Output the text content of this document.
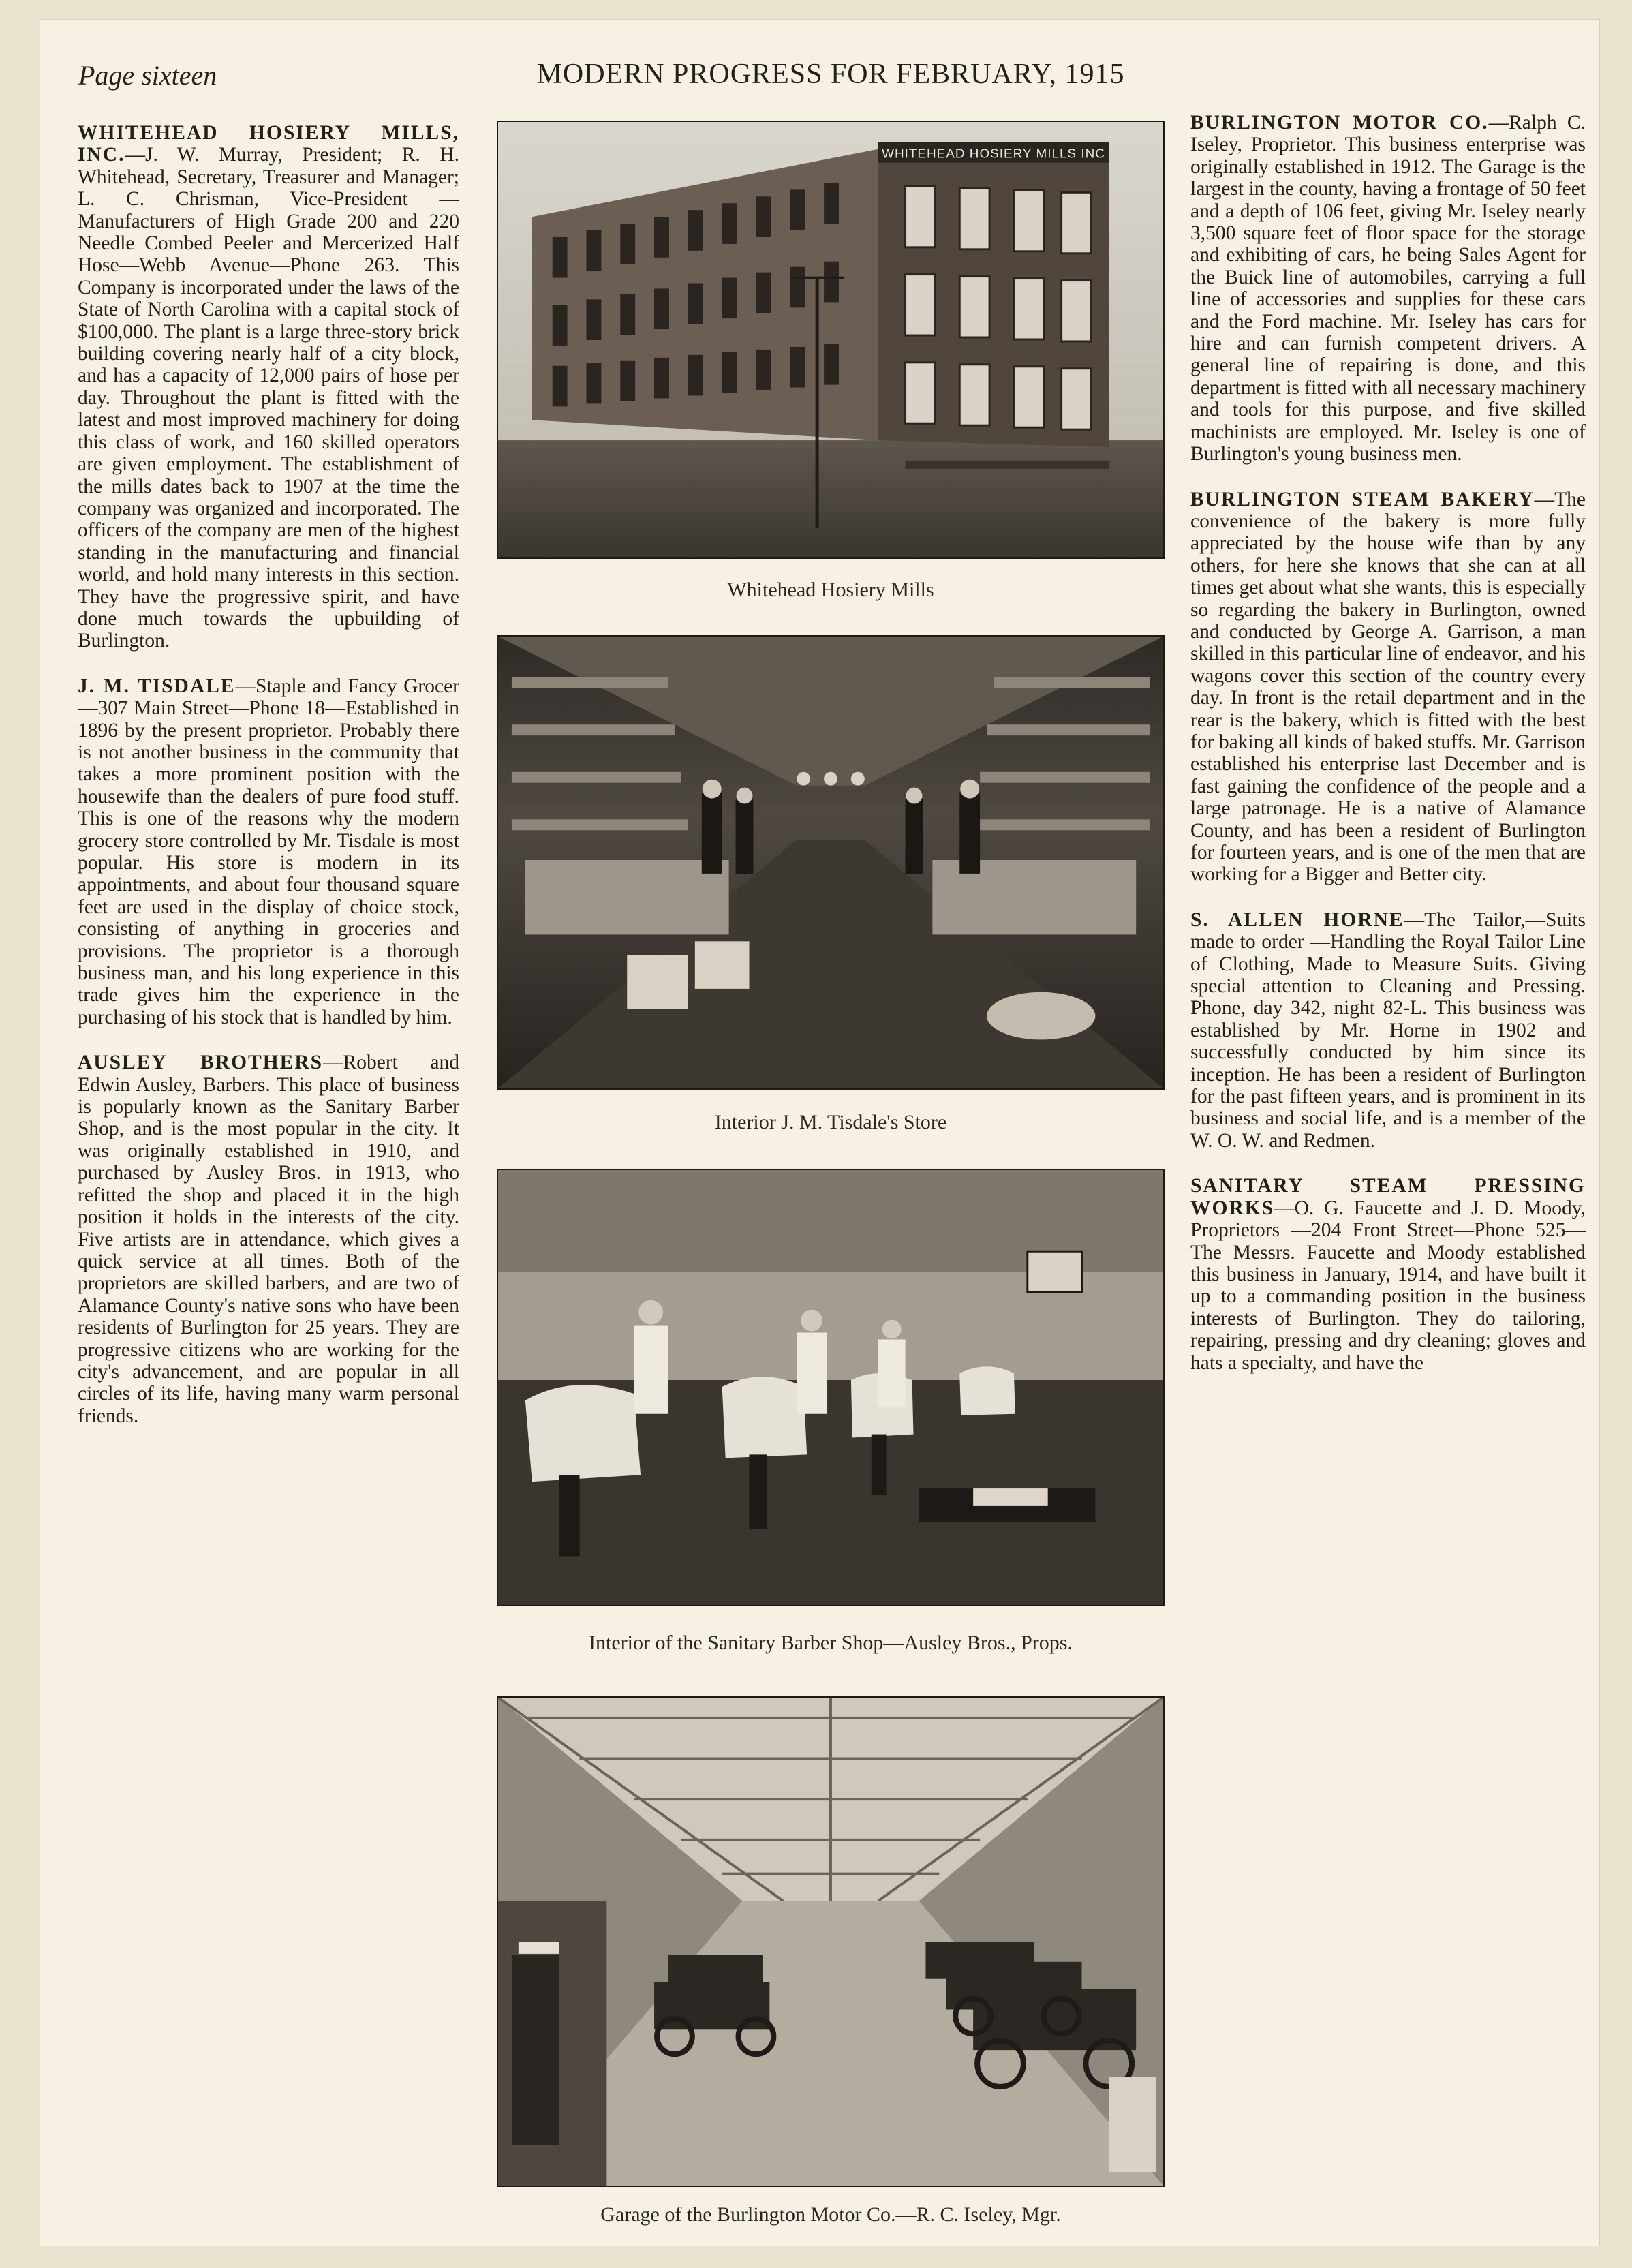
Page sixteen	MODERN PROGRESS FOR FEBRUARY, 1915

WHITEHEAD HOSIERY MILLS, INC.—J. W. Murray, President; R. H. Whitehead, Secretary, Treasurer and Manager; L. C. Chrisman, Vice-President — Manufacturers of High Grade 200 and 220 Needle Combed Peeler and Mercerized Half Hose—Webb Avenue—Phone 263. This Company is incorporated under the laws of the State of North Carolina with a capital stock of $100,000. The plant is a large three-story brick building covering nearly half of a city block, and has a capacity of 12,000 pairs of hose per day. Throughout the plant is fitted with the latest and most improved machinery for doing this class of work, and 160 skilled operators are given employment. The establishment of the mills dates back to 1907 at the time the company was organized and incorporated. The officers of the company are men of the highest standing in the manufacturing and financial world, and hold many interests in this section. They have the progressive spirit, and have done much towards the upbuilding of Burlington.

J. M. TISDALE—Staple and Fancy Grocer—307 Main Street—Phone 18—Established in 1896 by the present proprietor. Probably there is not another business in the community that takes a more prominent position with the housewife than the dealers of pure food stuff. This is one of the reasons why the modern grocery store controlled by Mr. Tisdale is most popular. His store is modern in its appointments, and about four thousand square feet are used in the display of choice stock, consisting of anything in groceries and provisions. The proprietor is a thorough business man, and his long experience in this trade gives him the experience in the purchasing of his stock that is handled by him.

AUSLEY BROTHERS—Robert and Edwin Ausley, Barbers. This place of business is popularly known as the Sanitary Barber Shop, and is the most popular in the city. It was originally established in 1910, and purchased by Ausley Bros. in 1913, who refitted the shop and placed it in the high position it holds in the interests of the city. Five artists are in attendance, which gives a quick service at all times. Both of the proprietors are skilled barbers, and are two of Alamance County's native sons who have been residents of Burlington for 25 years. They are progressive citizens who are working for the city's advancement, and are popular in all circles of its life, having many warm personal friends.

WHITEHEAD HOSIERY MILLS INC
Whitehead Hosiery Mills
Interior J. M. Tisdale's Store
Interior of the Sanitary Barber Shop—Ausley Bros., Props.
Garage of the Burlington Motor Co.—R. C. Iseley, Mgr.

BURLINGTON MOTOR CO.—Ralph C. Iseley, Proprietor. This business enterprise was originally established in 1912. The Garage is the largest in the county, having a frontage of 50 feet and a depth of 106 feet, giving Mr. Iseley nearly 3,500 square feet of floor space for the storage and exhibiting of cars, he being Sales Agent for the Buick line of automobiles, carrying a full line of accessories and supplies for these cars and the Ford machine. Mr. Iseley has cars for hire and can furnish competent drivers. A general line of repairing is done, and this department is fitted with all necessary machinery and tools for this purpose, and five skilled machinists are employed. Mr. Iseley is one of Burlington's young business men.

BURLINGTON STEAM BAKERY—The convenience of the bakery is more fully appreciated by the house wife than by any others, for here she knows that she can at all times get about what she wants, this is especially so regarding the bakery in Burlington, owned and conducted by George A. Garrison, a man skilled in this particular line of endeavor, and his wagons cover this section of the country every day. In front is the retail department and in the rear is the bakery, which is fitted with the best for baking all kinds of baked stuffs. Mr. Garrison established his enterprise last December and is fast gaining the confidence of the people and a large patronage. He is a native of Alamance County, and has been a resident of Burlington for fourteen years, and is one of the men that are working for a Bigger and Better city.

S. ALLEN HORNE—The Tailor,—Suits made to order —Handling the Royal Tailor Line of Clothing, Made to Measure Suits. Giving special attention to Cleaning and Pressing. Phone, day 342, night 82-L. This business was established by Mr. Horne in 1902 and successfully conducted by him since its inception. He has been a resident of Burlington for the past fifteen years, and is prominent in its business and social life, and is a member of the W. O. W. and Redmen.

SANITARY STEAM PRESSING WORKS—O. G. Faucette and J. D. Moody, Proprietors —204 Front Street—Phone 525—The Messrs. Faucette and Moody established this business in January, 1914, and have built it up to a commanding position in the business interests of Burlington. They do tailoring, repairing, pressing and dry cleaning; gloves and hats a specialty, and have the
